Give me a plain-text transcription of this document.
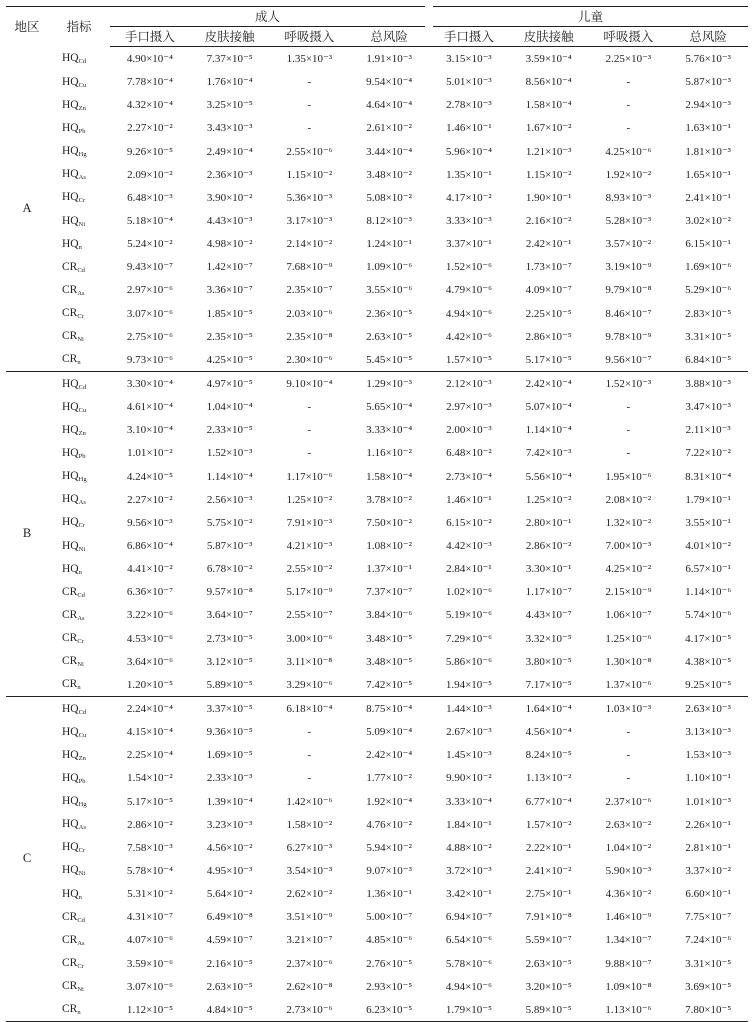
地区	指标	成人				儿童			
		手口摄入	皮肤接触	呼吸摄入	总风险	手口摄入	皮肤接触	呼吸摄入	总风险
A	$HQ_{Cd}$	4.90×10⁻⁴	7.37×10⁻⁵	1.35×10⁻³	1.91×10⁻³	3.15×10⁻³	3.59×10⁻⁴	2.25×10⁻³	5.76×10⁻³
	$HQ_{Cu}$	7.78×10⁻⁴	1.76×10⁻⁴	-	9.54×10⁻⁴	5.01×10⁻³	8.56×10⁻⁴	-	5.87×10⁻³
	$HQ_{Zn}$	4.32×10⁻⁴	3.25×10⁻⁵	-	4.64×10⁻⁴	2.78×10⁻³	1.58×10⁻⁴	-	2.94×10⁻³
	$HQ_{Pb}$	2.27×10⁻²	3.43×10⁻³	-	2.61×10⁻²	1.46×10⁻¹	1.67×10⁻²	-	1.63×10⁻¹
	$HQ_{Hg}$	9.26×10⁻⁵	2.49×10⁻⁴	2.55×10⁻⁶	3.44×10⁻⁴	5.96×10⁻⁴	1.21×10⁻³	4.25×10⁻⁶	1.81×10⁻³
	$HQ_{As}$	2.09×10⁻²	2.36×10⁻³	1.15×10⁻²	3.48×10⁻²	1.35×10⁻¹	1.15×10⁻²	1.92×10⁻²	1.65×10⁻¹
	$HQ_{Cr}$	6.48×10⁻³	3.90×10⁻²	5.36×10⁻³	5.08×10⁻²	4.17×10⁻²	1.90×10⁻¹	8.93×10⁻³	2.41×10⁻¹
	$HQ_{Ni}$	5.18×10⁻⁴	4.43×10⁻³	3.17×10⁻³	8.12×10⁻³	3.33×10⁻³	2.16×10⁻²	5.28×10⁻³	3.02×10⁻²
	$HQ_n$	5.24×10⁻²	4.98×10⁻²	2.14×10⁻²	1.24×10⁻¹	3.37×10⁻¹	2.42×10⁻¹	3.57×10⁻²	6.15×10⁻¹
	$CR_{Cd}$	9.43×10⁻⁷	1.42×10⁻⁷	7.68×10⁻⁹	1.09×10⁻⁶	1.52×10⁻⁶	1.73×10⁻⁷	3.19×10⁻⁹	1.69×10⁻⁶
	$CR_{As}$	2.97×10⁻⁶	3.36×10⁻⁷	2.35×10⁻⁷	3.55×10⁻⁶	4.79×10⁻⁶	4.09×10⁻⁷	9.79×10⁻⁸	5.29×10⁻⁶
	$CR_{Cr}$	3.07×10⁻⁶	1.85×10⁻⁵	2.03×10⁻⁶	2.36×10⁻⁵	4.94×10⁻⁶	2.25×10⁻⁵	8.46×10⁻⁷	2.83×10⁻⁵
	$CR_{Ni}$	2.75×10⁻⁶	2.35×10⁻⁵	2.35×10⁻⁸	2.63×10⁻⁵	4.42×10⁻⁶	2.86×10⁻⁵	9.78×10⁻⁹	3.31×10⁻⁵
	$CR_n$	9.73×10⁻⁶	4.25×10⁻⁵	2.30×10⁻⁶	5.45×10⁻⁵	1.57×10⁻⁵	5.17×10⁻⁵	9.56×10⁻⁷	6.84×10⁻⁵
B	$HQ_{Cd}$	3.30×10⁻⁴	4.97×10⁻⁵	9.10×10⁻⁴	1.29×10⁻³	2.12×10⁻³	2.42×10⁻⁴	1.52×10⁻³	3.88×10⁻³
	$HQ_{Cu}$	4.61×10⁻⁴	1.04×10⁻⁴	-	5.65×10⁻⁴	2.97×10⁻³	5.07×10⁻⁴	-	3.47×10⁻³
	$HQ_{Zn}$	3.10×10⁻⁴	2.33×10⁻⁵	-	3.33×10⁻⁴	2.00×10⁻³	1.14×10⁻⁴	-	2.11×10⁻³
	$HQ_{Pb}$	1.01×10⁻²	1.52×10⁻³	-	1.16×10⁻²	6.48×10⁻²	7.42×10⁻³	-	7.22×10⁻²
	$HQ_{Hg}$	4.24×10⁻⁵	1.14×10⁻⁴	1.17×10⁻⁶	1.58×10⁻⁴	2.73×10⁻⁴	5.56×10⁻⁴	1.95×10⁻⁶	8.31×10⁻⁴
	$HQ_{As}$	2.27×10⁻²	2.56×10⁻³	1.25×10⁻²	3.78×10⁻²	1.46×10⁻¹	1.25×10⁻²	2.08×10⁻²	1.79×10⁻¹
	$HQ_{Cr}$	9.56×10⁻³	5.75×10⁻²	7.91×10⁻³	7.50×10⁻²	6.15×10⁻²	2.80×10⁻¹	1.32×10⁻²	3.55×10⁻¹
	$HQ_{Ni}$	6.86×10⁻⁴	5.87×10⁻³	4.21×10⁻³	1.08×10⁻²	4.42×10⁻³	2.86×10⁻²	7.00×10⁻³	4.01×10⁻²
	$HQ_n$	4.41×10⁻²	6.78×10⁻²	2.55×10⁻²	1.37×10⁻¹	2.84×10⁻¹	3.30×10⁻¹	4.25×10⁻²	6.57×10⁻¹
	$CR_{Cd}$	6.36×10⁻⁷	9.57×10⁻⁸	5.17×10⁻⁹	7.37×10⁻⁷	1.02×10⁻⁶	1.17×10⁻⁷	2.15×10⁻⁹	1.14×10⁻⁶
	$CR_{As}$	3.22×10⁻⁶	3.64×10⁻⁷	2.55×10⁻⁷	3.84×10⁻⁶	5.19×10⁻⁶	4.43×10⁻⁷	1.06×10⁻⁷	5.74×10⁻⁶
	$CR_{Cr}$	4.53×10⁻⁶	2.73×10⁻⁵	3.00×10⁻⁶	3.48×10⁻⁵	7.29×10⁻⁶	3.32×10⁻⁵	1.25×10⁻⁶	4.17×10⁻⁵
	$CR_{Ni}$	3.64×10⁻⁶	3.12×10⁻⁵	3.11×10⁻⁸	3.48×10⁻⁵	5.86×10⁻⁶	3.80×10⁻⁵	1.30×10⁻⁸	4.38×10⁻⁵
	$CR_n$	1.20×10⁻⁵	5.89×10⁻⁵	3.29×10⁻⁶	7.42×10⁻⁵	1.94×10⁻⁵	7.17×10⁻⁵	1.37×10⁻⁶	9.25×10⁻⁵
C	$HQ_{Cd}$	2.24×10⁻⁴	3.37×10⁻⁵	6.18×10⁻⁴	8.75×10⁻⁴	1.44×10⁻³	1.64×10⁻⁴	1.03×10⁻³	2.63×10⁻³
	$HQ_{Cu}$	4.15×10⁻⁴	9.36×10⁻⁵	-	5.09×10⁻⁴	2.67×10⁻³	4.56×10⁻⁴	-	3.13×10⁻³
	$HQ_{Zn}$	2.25×10⁻⁴	1.69×10⁻⁵	-	2.42×10⁻⁴	1.45×10⁻³	8.24×10⁻⁵	-	1.53×10⁻³
	$HQ_{Pb}$	1.54×10⁻²	2.33×10⁻³	-	1.77×10⁻²	9.90×10⁻²	1.13×10⁻²	-	1.10×10⁻¹
	$HQ_{Hg}$	5.17×10⁻⁵	1.39×10⁻⁴	1.42×10⁻⁶	1.92×10⁻⁴	3.33×10⁻⁴	6.77×10⁻⁴	2.37×10⁻⁶	1.01×10⁻³
	$HQ_{As}$	2.86×10⁻²	3.23×10⁻³	1.58×10⁻²	4.76×10⁻²	1.84×10⁻¹	1.57×10⁻²	2.63×10⁻²	2.26×10⁻¹
	$HQ_{Cr}$	7.58×10⁻³	4.56×10⁻²	6.27×10⁻³	5.94×10⁻²	4.88×10⁻²	2.22×10⁻¹	1.04×10⁻²	2.81×10⁻¹
	$HQ_{Ni}$	5.78×10⁻⁴	4.95×10⁻³	3.54×10⁻³	9.07×10⁻³	3.72×10⁻³	2.41×10⁻²	5.90×10⁻³	3.37×10⁻²
	$HQ_n$	5.31×10⁻²	5.64×10⁻²	2.62×10⁻²	1.36×10⁻¹	3.42×10⁻¹	2.75×10⁻¹	4.36×10⁻²	6.60×10⁻¹
	$CR_{Cd}$	4.31×10⁻⁷	6.49×10⁻⁸	3.51×10⁻⁹	5.00×10⁻⁷	6.94×10⁻⁷	7.91×10⁻⁸	1.46×10⁻⁹	7.75×10⁻⁷
	$CR_{As}$	4.07×10⁻⁶	4.59×10⁻⁷	3.21×10⁻⁷	4.85×10⁻⁶	6.54×10⁻⁶	5.59×10⁻⁷	1.34×10⁻⁷	7.24×10⁻⁶
	$CR_{Cr}$	3.59×10⁻⁶	2.16×10⁻⁵	2.37×10⁻⁶	2.76×10⁻⁵	5.78×10⁻⁶	2.63×10⁻⁵	9.88×10⁻⁷	3.31×10⁻⁵
	$CR_{Ni}$	3.07×10⁻⁶	2.63×10⁻⁵	2.62×10⁻⁸	2.93×10⁻⁵	4.94×10⁻⁶	3.20×10⁻⁵	1.09×10⁻⁸	3.69×10⁻⁵
	$CR_n$	1.12×10⁻⁵	4.84×10⁻⁵	2.73×10⁻⁶	6.23×10⁻⁵	1.79×10⁻⁵	5.89×10⁻⁵	1.13×10⁻⁶	7.80×10⁻⁵
